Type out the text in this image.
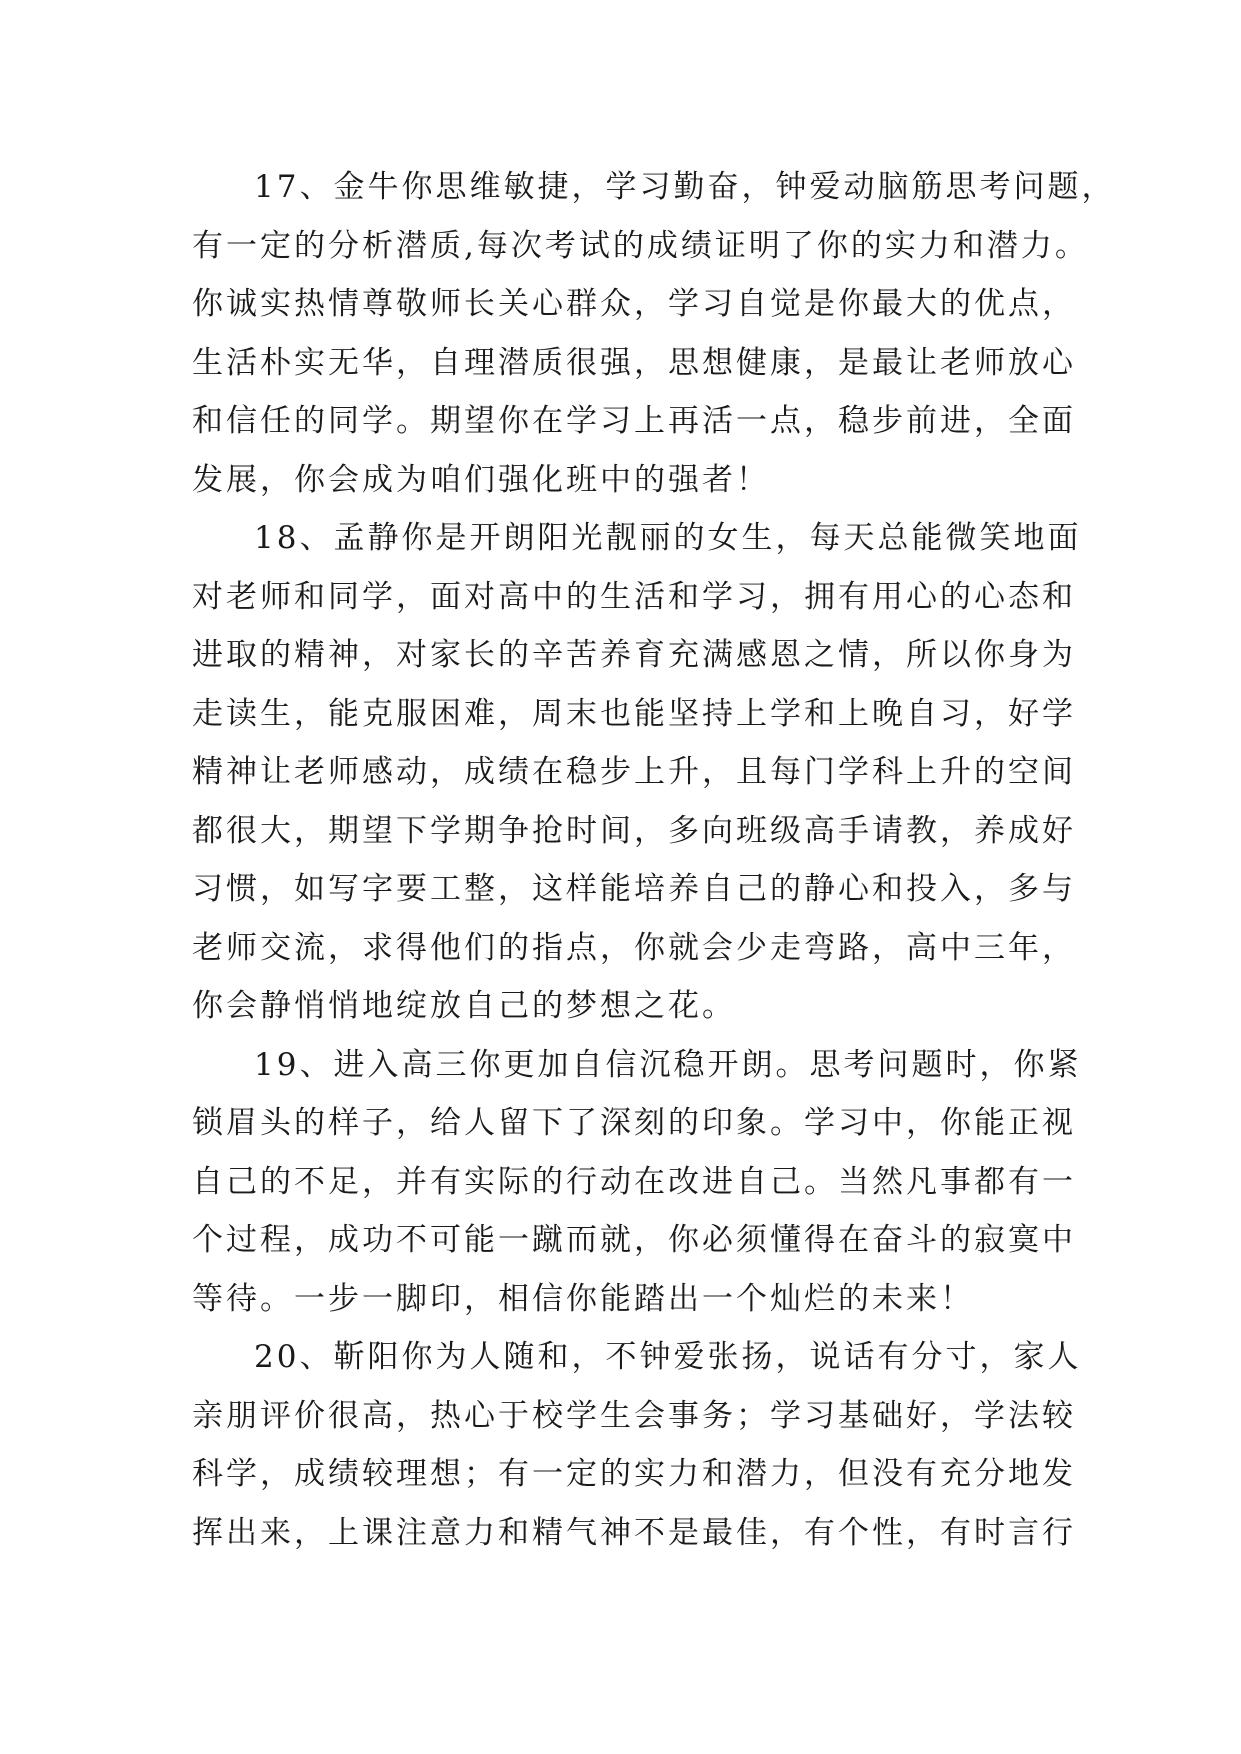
17、金牛你思维敏捷，学习勤奋，钟爱动脑筋思考问题，
有一定的分析潜质,每次考试的成绩证明了你的实力和潜力。
你诚实热情尊敬师长关心群众，学习自觉是你最大的优点，
生活朴实无华，自理潜质很强，思想健康，是最让老师放心
和信任的同学。期望你在学习上再活一点，稳步前进，全面
发展，你会成为咱们强化班中的强者！
18、孟静你是开朗阳光靓丽的女生，每天总能微笑地面
对老师和同学，面对高中的生活和学习，拥有用心的心态和
进取的精神，对家长的辛苦养育充满感恩之情，所以你身为
走读生，能克服困难，周末也能坚持上学和上晚自习，好学
精神让老师感动，成绩在稳步上升，且每门学科上升的空间
都很大，期望下学期争抢时间，多向班级高手请教，养成好
习惯，如写字要工整，这样能培养自己的静心和投入，多与
老师交流，求得他们的指点，你就会少走弯路，高中三年，
你会静悄悄地绽放自己的梦想之花。
19、进入高三你更加自信沉稳开朗。思考问题时，你紧
锁眉头的样子，给人留下了深刻的印象。学习中，你能正视
自己的不足，并有实际的行动在改进自己。当然凡事都有一
个过程，成功不可能一蹴而就，你必须懂得在奋斗的寂寞中
等待。一步一脚印，相信你能踏出一个灿烂的未来！
20、靳阳你为人随和，不钟爱张扬，说话有分寸，家人
亲朋评价很高，热心于校学生会事务；学习基础好，学法较
科学，成绩较理想；有一定的实力和潜力，但没有充分地发
挥出来，上课注意力和精气神不是最佳，有个性，有时言行
